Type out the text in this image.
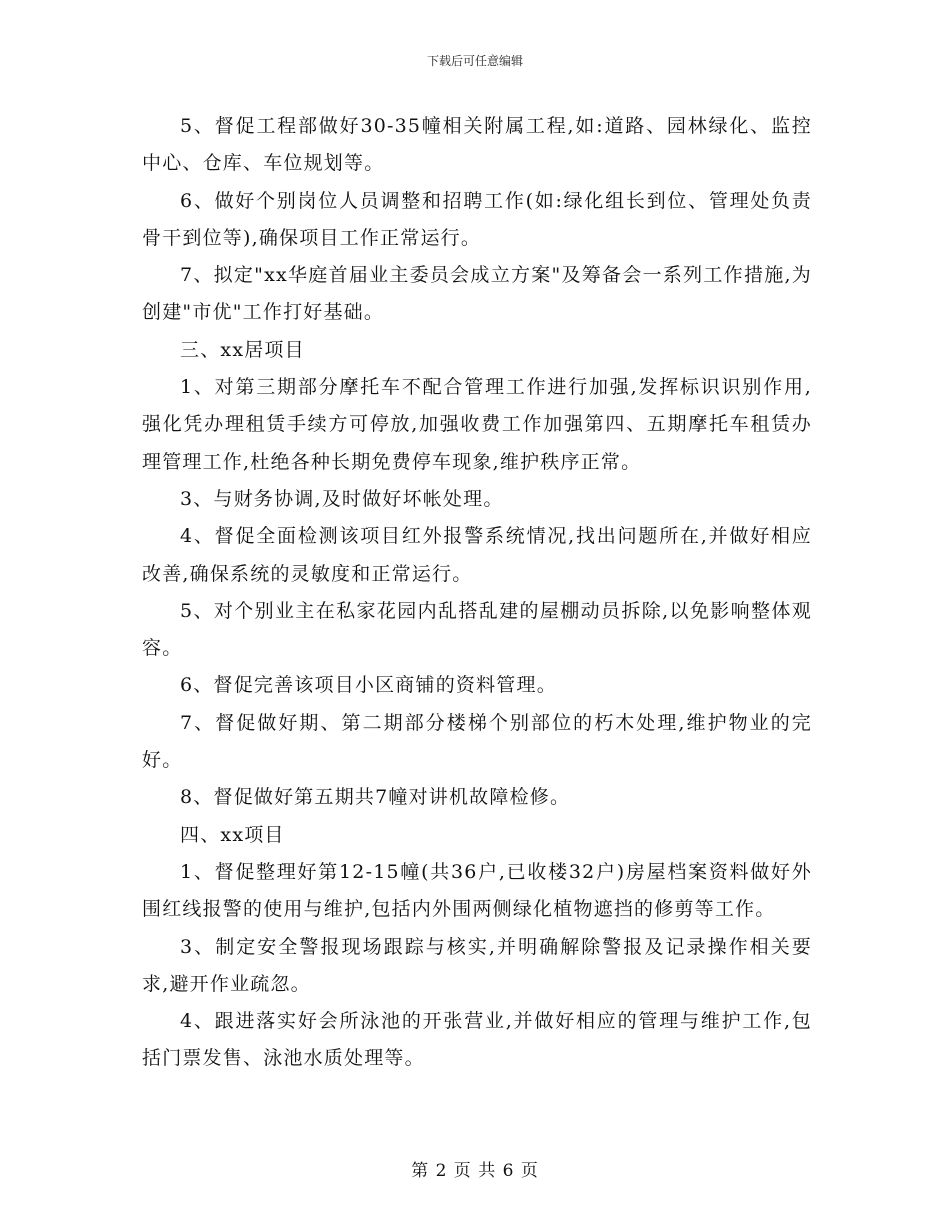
下载后可任意编辑

5、督促工程部做好30-35幢相关附属工程,如:道路、园林绿化、监控中心、仓库、车位规划等。

6、做好个别岗位人员调整和招聘工作(如:绿化组长到位、管理处负责骨干到位等),确保项目工作正常运行。

7、拟定"xx华庭首届业主委员会成立方案"及筹备会一系列工作措施,为创建"市优"工作打好基础。

三、xx居项目

1、对第三期部分摩托车不配合管理工作进行加强,发挥标识识别作用,强化凭办理租赁手续方可停放,加强收费工作加强第四、五期摩托车租赁办理管理工作,杜绝各种长期免费停车现象,维护秩序正常。

3、与财务协调,及时做好坏帐处理。

4、督促全面检测该项目红外报警系统情况,找出问题所在,并做好相应改善,确保系统的灵敏度和正常运行。

5、对个别业主在私家花园内乱搭乱建的屋棚动员拆除,以免影响整体观容。

6、督促完善该项目小区商铺的资料管理。

7、督促做好期、第二期部分楼梯个别部位的朽木处理,维护物业的完好。

8、督促做好第五期共7幢对讲机故障检修。

四、xx项目

1、督促整理好第12-15幢(共36户,已收楼32户)房屋档案资料做好外围红线报警的使用与维护,包括内外围两侧绿化植物遮挡的修剪等工作。

3、制定安全警报现场跟踪与核实,并明确解除警报及记录操作相关要求,避开作业疏忽。

4、跟进落实好会所泳池的开张营业,并做好相应的管理与维护工作,包括门票发售、泳池水质处理等。

第 2 页 共 6 页
